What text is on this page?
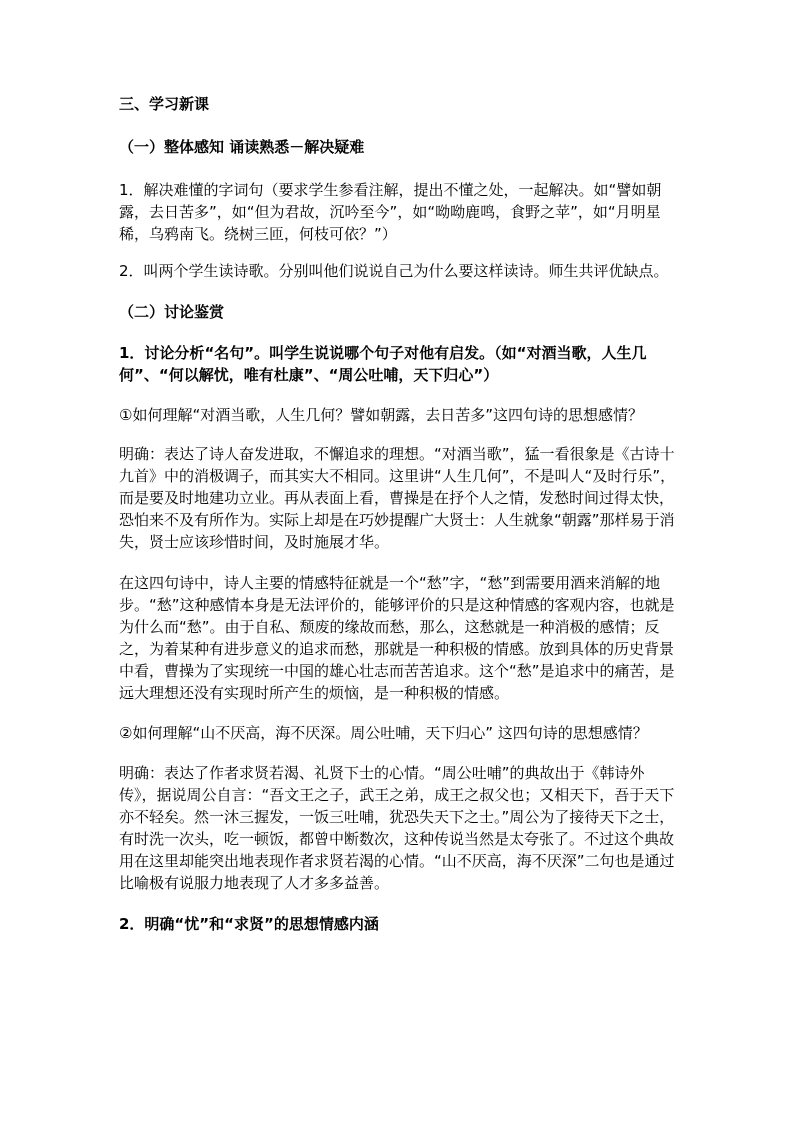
三、学习新课

（一）整体感知 诵读熟悉－解决疑难

1．解决难懂的字词句（要求学生参看注解，提出不懂之处，一起解决。如“譬如朝露，去日苦多”，如“但为君故，沉吟至今”，如“呦呦鹿鸣，食野之苹”，如“月明星稀，乌鸦南飞。绕树三匝，何枝可依？”）

2．叫两个学生读诗歌。分别叫他们说说自己为什么要这样读诗。师生共评优缺点。

（二）讨论鉴赏

1．讨论分析“名句”。叫学生说说哪个句子对他有启发。（如“对酒当歌，人生几何”、“何以解忧，唯有杜康”、“周公吐哺，天下归心”）

①如何理解“对酒当歌，人生几何？譬如朝露，去日苦多”这四句诗的思想感情？

明确：表达了诗人奋发进取，不懈追求的理想。“对酒当歌”，猛一看很象是《古诗十九首》中的消极调子，而其实大不相同。这里讲“人生几何”，不是叫人“及时行乐”，而是要及时地建功立业。再从表面上看，曹操是在抒个人之情，发愁时间过得太快，恐怕来不及有所作为。实际上却是在巧妙提醒广大贤士：人生就象“朝露”那样易于消失，贤士应该珍惜时间，及时施展才华。

在这四句诗中，诗人主要的情感特征就是一个“愁”字，“愁”到需要用酒来消解的地步。“愁”这种感情本身是无法评价的，能够评价的只是这种情感的客观内容，也就是为什么而“愁”。由于自私、颓废的缘故而愁，那么，这愁就是一种消极的感情；反之，为着某种有进步意义的追求而愁，那就是一种积极的情感。放到具体的历史背景中看，曹操为了实现统一中国的雄心壮志而苦苦追求。这个“愁”是追求中的痛苦，是远大理想还没有实现时所产生的烦恼，是一种积极的情感。

②如何理解“山不厌高，海不厌深。周公吐哺，天下归心” 这四句诗的思想感情？

明确：表达了作者求贤若渴、礼贤下士的心情。“周公吐哺”的典故出于《韩诗外传》，据说周公自言：“吾文王之子，武王之弟，成王之叔父也；又相天下，吾于天下亦不轻矣。然一沐三握发，一饭三吐哺，犹恐失天下之士。”周公为了接待天下之士，有时洗一次头，吃一顿饭，都曾中断数次，这种传说当然是太夸张了。不过这个典故用在这里却能突出地表现作者求贤若渴的心情。“山不厌高，海不厌深”二句也是通过比喻极有说服力地表现了人才多多益善。

2．明确“忧”和“求贤”的思想情感内涵
